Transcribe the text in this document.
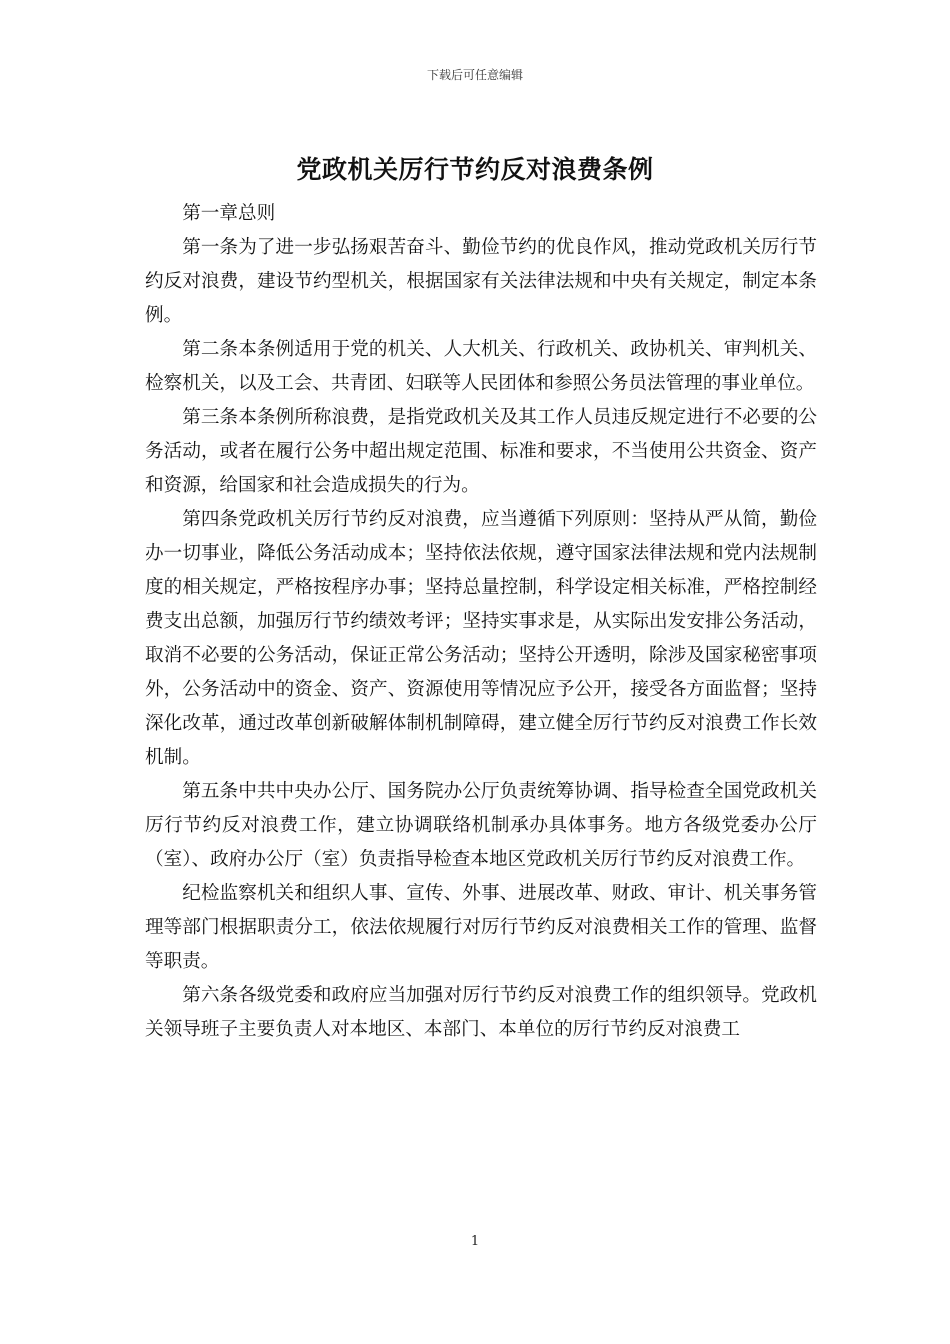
下载后可任意编辑
党政机关厉行节约反对浪费条例

第一章总则

第一条为了进一步弘扬艰苦奋斗、勤俭节约的优良作风，推动党政机关厉行节约反对浪费，建设节约型机关，根据国家有关法律法规和中央有关规定，制定本条例。

第二条本条例适用于党的机关、人大机关、行政机关、政协机关、审判机关、检察机关，以及工会、共青团、妇联等人民团体和参照公务员法管理的事业单位。

第三条本条例所称浪费，是指党政机关及其工作人员违反规定进行不必要的公务活动，或者在履行公务中超出规定范围、标准和要求，不当使用公共资金、资产和资源，给国家和社会造成损失的行为。

第四条党政机关厉行节约反对浪费，应当遵循下列原则：坚持从严从简，勤俭办一切事业，降低公务活动成本；坚持依法依规，遵守国家法律法规和党内法规制度的相关规定，严格按程序办事；坚持总量控制，科学设定相关标准，严格控制经费支出总额，加强厉行节约绩效考评；坚持实事求是，从实际出发安排公务活动，取消不必要的公务活动，保证正常公务活动；坚持公开透明，除涉及国家秘密事项外，公务活动中的资金、资产、资源使用等情况应予公开，接受各方面监督；坚持深化改革，通过改革创新破解体制机制障碍，建立健全厉行节约反对浪费工作长效机制。

第五条中共中央办公厅、国务院办公厅负责统筹协调、指导检查全国党政机关厉行节约反对浪费工作，建立协调联络机制承办具体事务。地方各级党委办公厅（室）、政府办公厅（室）负责指导检查本地区党政机关厉行节约反对浪费工作。

纪检监察机关和组织人事、宣传、外事、进展改革、财政、审计、机关事务管理等部门根据职责分工，依法依规履行对厉行节约反对浪费相关工作的管理、监督等职责。

第六条各级党委和政府应当加强对厉行节约反对浪费工作的组织领导。党政机关领导班子主要负责人对本地区、本部门、本单位的厉行节约反对浪费工

1
